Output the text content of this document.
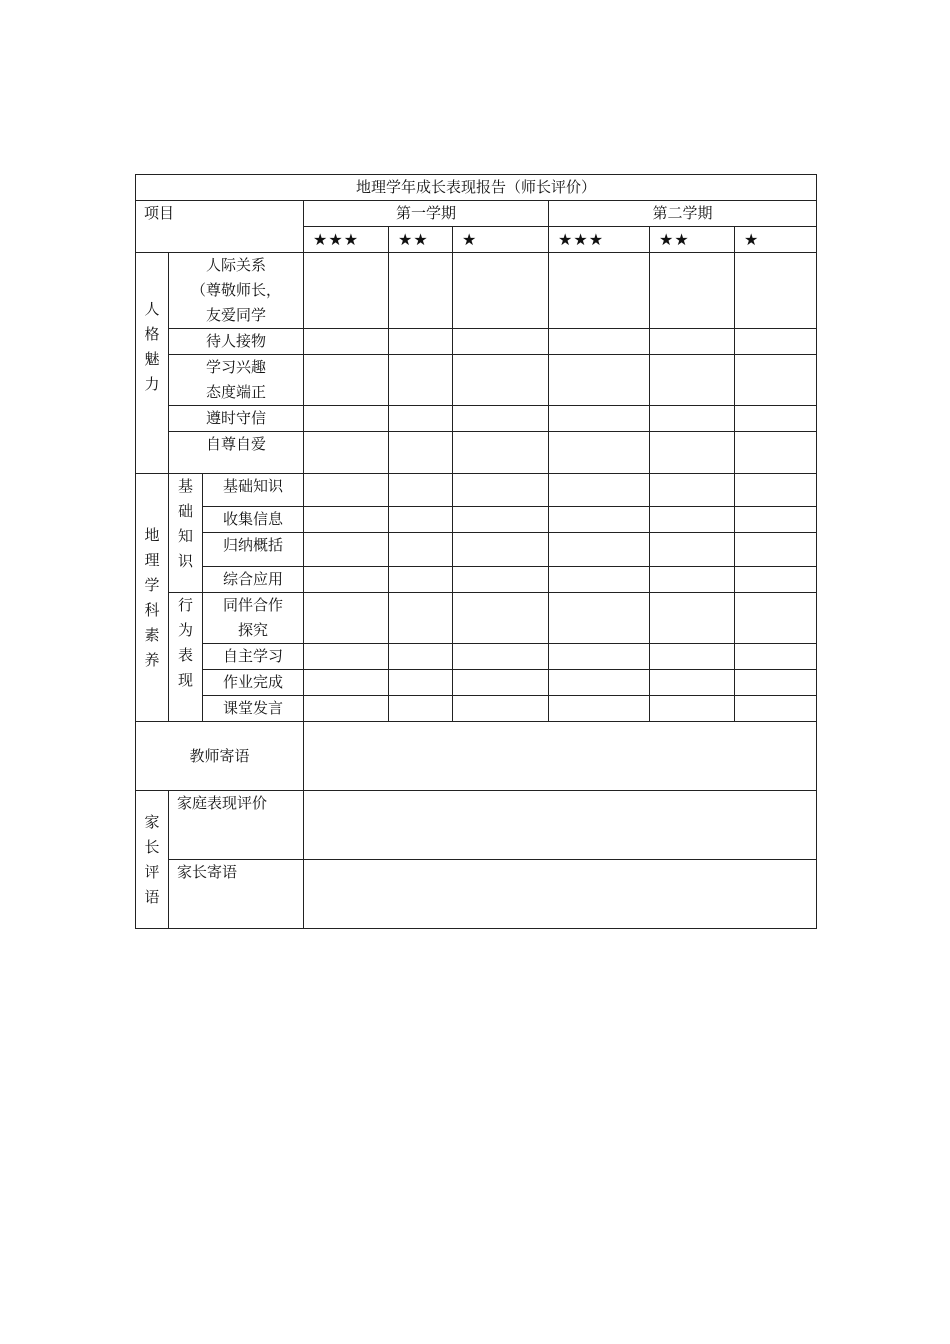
地理学年成长表现报告（师长评价）								
项目			第一学期			第二学期		
			★★★	★★	★	★★★	★★	★
人格魅力	人际关系
（尊敬师长，
友爱同学							
	待人接物							
	学习兴趣
态度端正							
	遵时守信							
	自尊自爱							
地理学科素养	基础知识	基础知识						
		收集信息						
		归纳概括						
		综合应用						
	行为表现	同伴合作
探究						
		自主学习						
		作业完成						
		课堂发言						
教师寄语								
家长评语	家庭表现评价							
	家长寄语							
